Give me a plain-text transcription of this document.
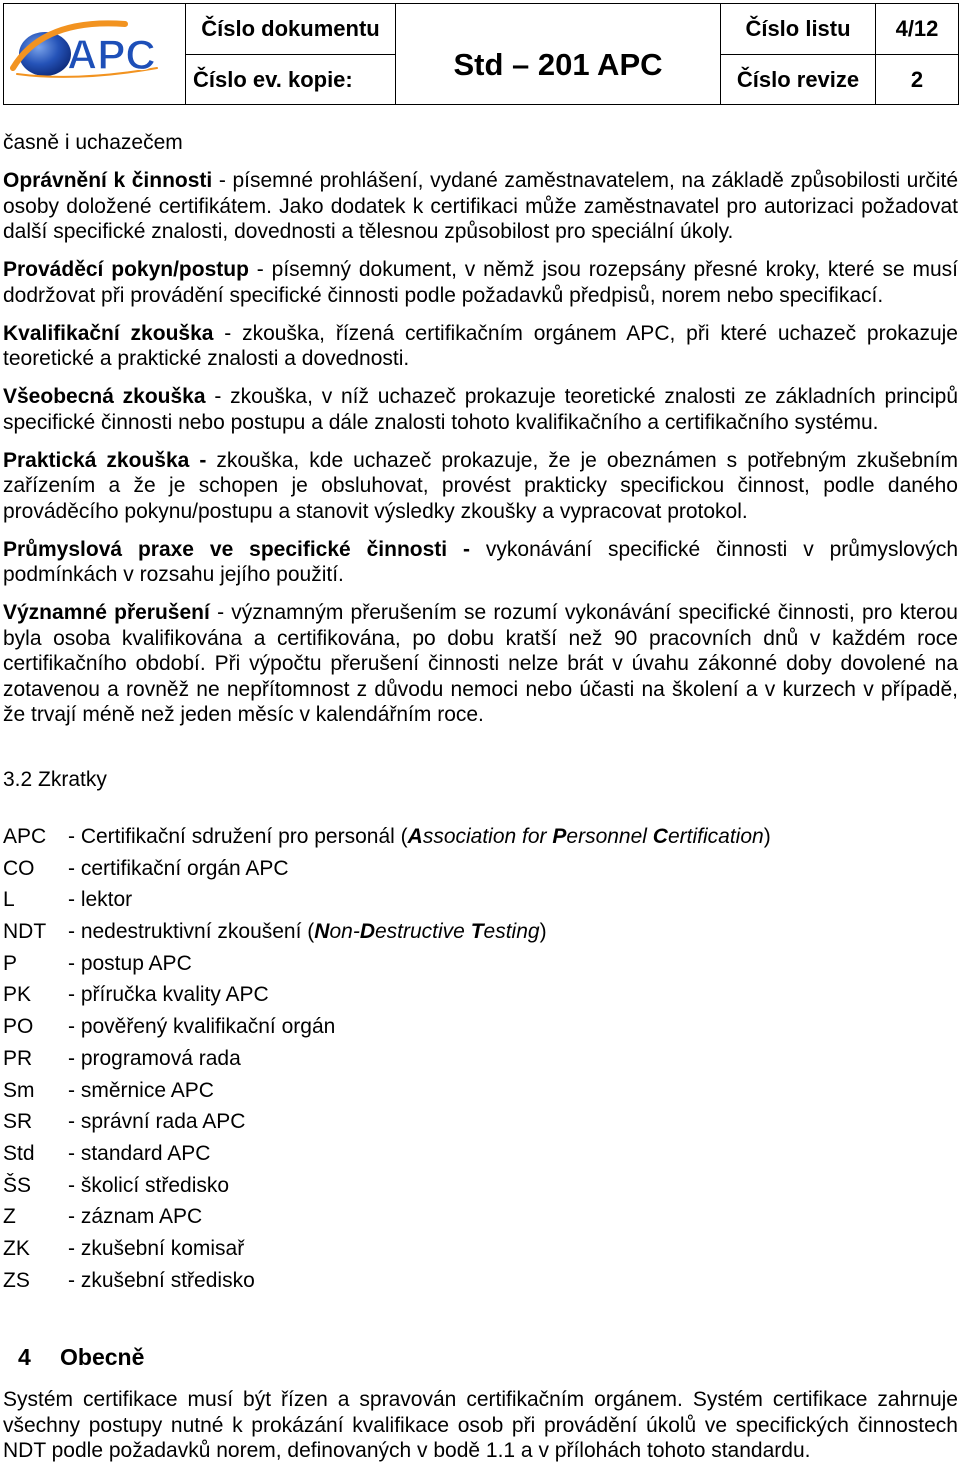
APC	Číslo dokumentu	Std – 201 APC	Číslo listu	4/12
	Číslo ev. kopie:		Číslo revize	2

časně i uchazečem

Oprávnění k činnosti - písemné prohlášení, vydané zaměstnavatelem, na základě způsobilosti určité osoby doložené certifikátem. Jako dodatek k certifikaci může zaměstnavatel pro autorizaci požadovat další specifické znalosti, dovednosti a tělesnou způsobilost pro speciální úkoly.

Prováděcí pokyn/postup - písemný dokument, v němž jsou rozepsány přesné kroky, které se musí dodržovat při provádění specifické činnosti podle požadavků předpisů, norem nebo specifikací.

Kvalifikační zkouška - zkouška, řízená certifikačním orgánem APC, při které uchazeč prokazuje teoretické a praktické znalosti a dovednosti.

Všeobecná zkouška - zkouška, v níž uchazeč prokazuje teoretické znalosti ze základních principů specifické činnosti nebo postupu a dále znalosti tohoto kvalifikačního a certifikačního systému.

Praktická zkouška - zkouška, kde uchazeč prokazuje, že je obeznámen s potřebným zkušebním zařízením a že je schopen je obsluhovat, provést prakticky specifickou činnost, podle daného prováděcího pokynu/postupu a stanovit výsledky zkoušky a vypracovat protokol.

Průmyslová praxe ve specifické činnosti - vykonávání specifické činnosti v průmyslových podmínkách v rozsahu jejího použití.

Významné přerušení - významným přerušením se rozumí vykonávání specifické činnosti, pro kterou byla osoba kvalifikována a certifikována, po dobu kratší než 90 pracovních dnů v každém roce certifikačního období. Při výpočtu přerušení činnosti nelze brát v úvahu zákonné doby dovolené na zotavenou a rovněž ne nepřítomnost z důvodu nemoci nebo účasti na školení a v kurzech v případě, že trvají méně než jeden měsíc v kalendářním roce.

3.2 Zkratky
APC - Certifikační sdružení pro personál (Association for Personnel Certification)
CO - certifikační orgán APC
L	- lektor
NDT - nedestruktivní zkoušení (Non-Destructive Testing)
P - postup APC
PK - příručka kvality APC
PO - pověřený kvalifikační orgán
PR - programová rada
Sm - směrnice APC
SR - správní rada APC
Std - standard APC
ŠS - školicí středisko
Z - záznam APC
ZK - zkušební komisař
ZS - zkušební středisko
4 Obecně

Systém certifikace musí být řízen a spravován certifikačním orgánem. Systém certifikace zahrnuje všechny postupy nutné k prokázání kvalifikace osob při provádění úkolů ve specifických činnostech NDT podle požadavků norem, definovaných v bodě 1.1 a v přílohách tohoto standardu.
